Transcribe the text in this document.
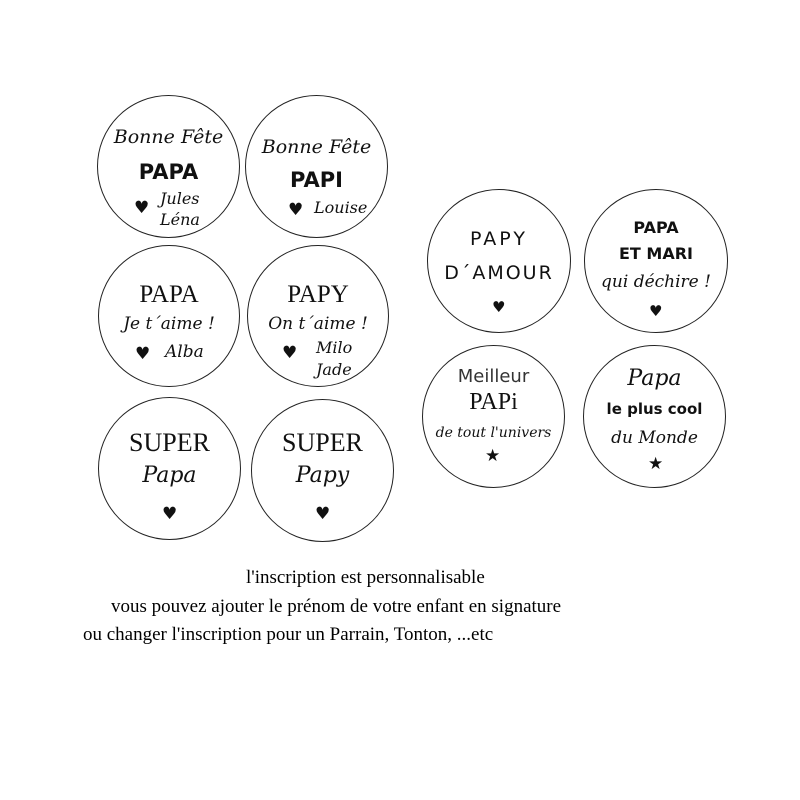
Bonne Fête
PAPA
♥ Jules
Léna
Bonne Fête
PAPI
♥ Louise
PAPA
Je t´aime !
♥ Alba
PAPY
On t´aime !
♥ Milo
Jade
SUPER
Papa
♥
SUPER
Papy
♥
PAPY
D´AMOUR
♥
PAPA
ET MARI
qui déchire !
♥
Meilleur
PAPi
de tout l'univers
★
Papa
le plus cool
du Monde
★
l'inscription est personnalisable
vous pouvez ajouter le prénom de votre enfant en signature
ou changer l'inscription pour un Parrain, Tonton, ...etc
